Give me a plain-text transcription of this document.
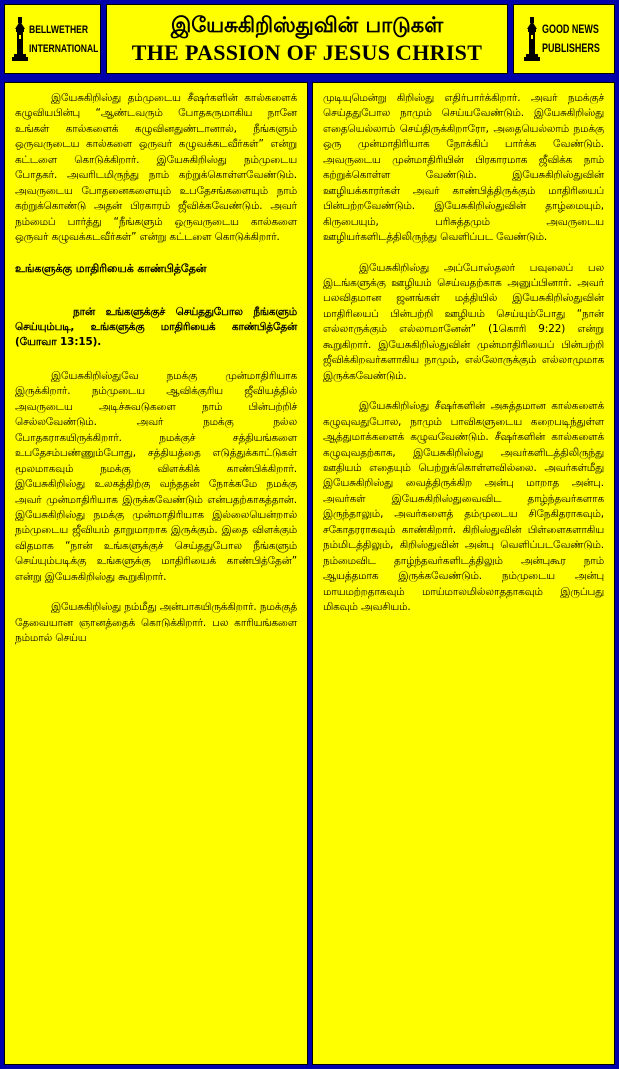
BELLWETHER
INTERNATIONAL
இயேசுகிறிஸ்துவின் பாடுகள்
THE PASSION OF JESUS CHRIST
GOOD NEWS
PUBLISHERS

இயேசுகிறிஸ்து தம்முடைய சீஷர்களின் கால்களைக் கழுவியபின்பு “ஆண்டவரும் போதகருமாகிய நானே உங்கள் கால்களைக் கழுவினதுண்டானால், நீங்களும் ஒருவருடைய கால்களை ஒருவர் கழுவக்கடவீர்கள்” என்று கட்டளை கொடுக்கிறார். இயேசுகிறிஸ்து நம்முடைய போதகர். அவரிடமிருந்து நாம் கற்றுக்கொள்ளவேண்டும். அவருடைய போதனைகளையும் உபதேசங்களையும் நாம் கற்றுக்கொண்டு அதன் பிரகாரம் ஜீவிக்கவேண்டும். அவர் நம்மைப் பார்த்து “நீங்களும் ஒருவருடைய கால்களை ஒருவர் கழுவக்கடவீர்கள்” என்று கட்டளை கொடுக்கிறார்.

உங்களுக்கு மாதிரியைக் காண்பித்தேன்

நான் உங்களுக்குச் செய்ததுபோல நீங்களும் செய்யும்படி, உங்களுக்கு மாதிரியைக் காண்பித்தேன் (யோவா 13:15).

இயேசுகிறிஸ்துவே நமக்கு முன்மாதிரியாக இருக்கிறார். நம்முடைய ஆவிக்குரிய ஜீவியத்தில் அவருடைய அடிச்சுவடுகளை நாம் பின்பற்றிச் செல்லவேண்டும். அவர் நமக்கு நல்ல போதகராகயிருக்கிறார். நமக்குச் சத்தியங்களை உபதேசம்பண்ணும்போது, சத்தியத்தை எடுத்துக்காட்டுகள் மூலமாகவும் நமக்கு விளக்கிக் காண்பிக்கிறார். இயேசுகிறிஸ்து உலகத்திற்கு வந்ததன் நோக்கமே நமக்கு அவர் முன்மாதிரியாக இருக்கவேண்டும் என்பதற்காகத்தான். இயேசுகிறிஸ்து நமக்கு முன்மாதிரியாக இல்லையென்றால் நம்முடைய ஜீவியம் தாறுமாறாக இருக்கும். இதை விளக்கும் விதமாக “நான் உங்களுக்குச் செய்ததுபோல நீங்களும் செய்யும்படிக்கு உங்களுக்கு மாதிரியைக் காண்பித்தேன்” என்று இயேசுகிறிஸ்து கூறுகிறார்.

இயேசுகிறிஸ்து நம்மீது அன்பாகயிருக்கிறார். நமக்குத் தேவையான ஞானத்தைக் கொடுக்கிறார். பல காரியங்களை நம்மால் செய்ய

முடியுமென்று கிறிஸ்து எதிர்பார்க்கிறார். அவர் நமக்குச் செய்ததுபோல நாமும் செய்யவேண்டும். இயேசுகிறிஸ்து எதையெல்லாம் செய்திருக்கிறாரோ, அதையெல்லாம் நமக்கு ஒரு முன்மாதிரியாக நோக்கிப் பார்க்க வேண்டும். அவருடைய முன்மாதிரியின் பிரகாரமாக ஜீவிக்க நாம் கற்றுக்கொள்ள வேண்டும். இயேசுகிறிஸ்துவின் ஊழியக்காரர்கள் அவர் காண்பித்திருக்கும் மாதிரியைப் பின்பற்றவேண்டும். இயேசுகிறிஸ்துவின் தாழ்மையும், கிருபையும், பரிசுத்தமும் அவருடைய ஊழியர்களிடத்திலிருந்து வெளிப்பட வேண்டும்.

இயேசுகிறிஸ்து அப்போஸ்தலர் பவுலைப் பல இடங்களுக்கு ஊழியம் செய்வதற்காக அனுப்பினார். அவர் பலவிதமான ஜனங்கள் மத்தியில் இயேசுகிறிஸ்துவின் மாதிரியைப் பின்பற்றி ஊழியம் செய்யும்போது “நான் எல்லாருக்கும் எல்லாமானேன்” (1கொரி 9:22) என்று கூறுகிறார். இயேசுகிறிஸ்துவின் முன்மாதிரியைப் பின்பற்றி ஜீவிக்கிறவர்களாகிய நாமும், எல்லோருக்கும் எல்லாமுமாக இருக்கவேண்டும்.

இயேசுகிறிஸ்து சீஷர்களின் அசுத்தமான கால்களைக் கழுவுவதுபோல, நாமும் பாவிகளுடைய கறைபடிந்துள்ள ஆத்துமாக்களைக் கழுவவேண்டும். சீஷர்களின் கால்களைக் கழுவுவதற்காக, இயேசுகிறிஸ்து அவர்களிடத்திலிருந்து ஊதியம் எதையும் பெற்றுக்கொள்ளவில்லை. அவர்கள்மீது இயேசுகிறிஸ்து வைத்திருக்கிற அன்பு மாறாத அன்பு. அவர்கள் இயேசுகிறிஸ்துவைவிட தாழ்ந்தவர்களாக இருந்தாலும், அவர்களைத் தம்முடைய சிநேகிதராகவும், சகோதரராகவும் காண்கிறார். கிறிஸ்துவின் பிள்ளைகளாகிய நம்மிடத்திலும், கிறிஸ்துவின் அன்பு வெளிப்படவேண்டும். நம்மைவிட தாழ்ந்தவர்களிடத்திலும் அன்புகூர நாம் ஆயத்தமாக இருக்கவேண்டும். நம்முடைய அன்பு மாயமற்றதாகவும் மாய்மாலமில்லாததாகவும் இருப்பது மிகவும் அவசியம்.
